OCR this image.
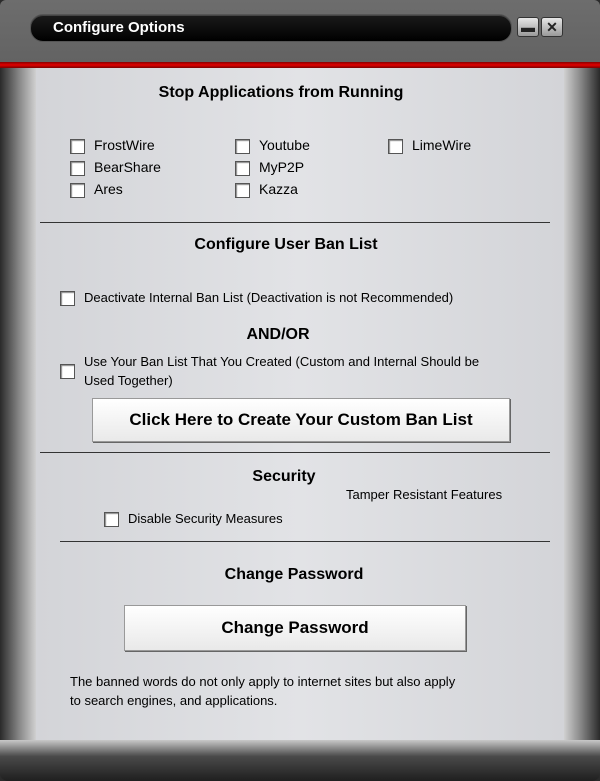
Configure Options	▬ ✕
Stop Applications from Running
FrostWire	Youtube	LimeWire
BearShare	MyP2P
Ares	Kazza
Configure User Ban List
Deactivate Internal Ban List (Deactivation is not Recommended)
AND/OR
Use Your Ban List That You Created (Custom and Internal Should be
Used Together)
Click Here to Create Your Custom Ban List
Security
Tamper Resistant Features
Disable Security Measures
Change Password
Change Password
The banned words do not only apply to internet sites but also apply
to search engines, and applications.
